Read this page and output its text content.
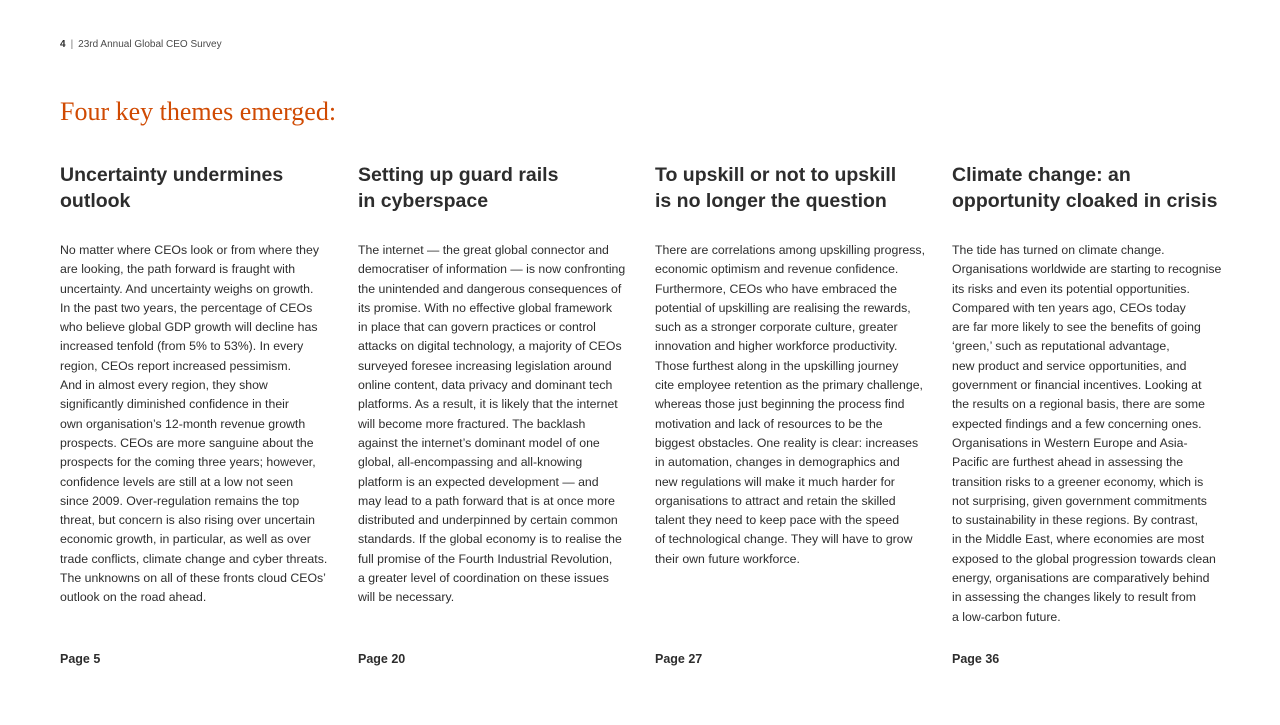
4 | 23rd Annual Global CEO Survey
Four key themes emerged:
Uncertainty undermines
outlook
No matter where CEOs look or from where they
are looking, the path forward is fraught with
uncertainty. And uncertainty weighs on growth.
In the past two years, the percentage of CEOs
who believe global GDP growth will decline has
increased tenfold (from 5% to 53%). In every
region, CEOs report increased pessimism.
And in almost every region, they show
significantly diminished confidence in their
own organisation’s 12-month revenue growth
prospects. CEOs are more sanguine about the
prospects for the coming three years; however,
confidence levels are still at a low not seen
since 2009. Over-regulation remains the top
threat, but concern is also rising over uncertain
economic growth, in particular, as well as over
trade conflicts, climate change and cyber threats.
The unknowns on all of these fronts cloud CEOs’
outlook on the road ahead.
Setting up guard rails
in cyberspace
The internet — the great global connector and
democratiser of information — is now confronting
the unintended and dangerous consequences of
its promise. With no effective global framework
in place that can govern practices or control
attacks on digital technology, a majority of CEOs
surveyed foresee increasing legislation around
online content, data privacy and dominant tech
platforms. As a result, it is likely that the internet
will become more fractured. The backlash
against the internet’s dominant model of one
global, all-encompassing and all-knowing
platform is an expected development — and
may lead to a path forward that is at once more
distributed and underpinned by certain common
standards. If the global economy is to realise the
full promise of the Fourth Industrial Revolution,
a greater level of coordination on these issues
will be necessary.
To upskill or not to upskill
is no longer the question
There are correlations among upskilling progress,
economic optimism and revenue confidence.
Furthermore, CEOs who have embraced the
potential of upskilling are realising the rewards,
such as a stronger corporate culture, greater
innovation and higher workforce productivity.
Those furthest along in the upskilling journey
cite employee retention as the primary challenge,
whereas those just beginning the process find
motivation and lack of resources to be the
biggest obstacles. One reality is clear: increases
in automation, changes in demographics and
new regulations will make it much harder for
organisations to attract and retain the skilled
talent they need to keep pace with the speed
of technological change. They will have to grow
their own future workforce.
Climate change: an
opportunity cloaked in crisis
The tide has turned on climate change.
Organisations worldwide are starting to recognise
its risks and even its potential opportunities.
Compared with ten years ago, CEOs today
are far more likely to see the benefits of going
‘green,’ such as reputational advantage,
new product and service opportunities, and
government or financial incentives. Looking at
the results on a regional basis, there are some
expected findings and a few concerning ones.
Organisations in Western Europe and Asia-
Pacific are furthest ahead in assessing the
transition risks to a greener economy, which is
not surprising, given government commitments
to sustainability in these regions. By contrast,
in the Middle East, where economies are most
exposed to the global progression towards clean
energy, organisations are comparatively behind
in assessing the changes likely to result from
a low-carbon future.
Page 5	Page 20	Page 27	Page 36
